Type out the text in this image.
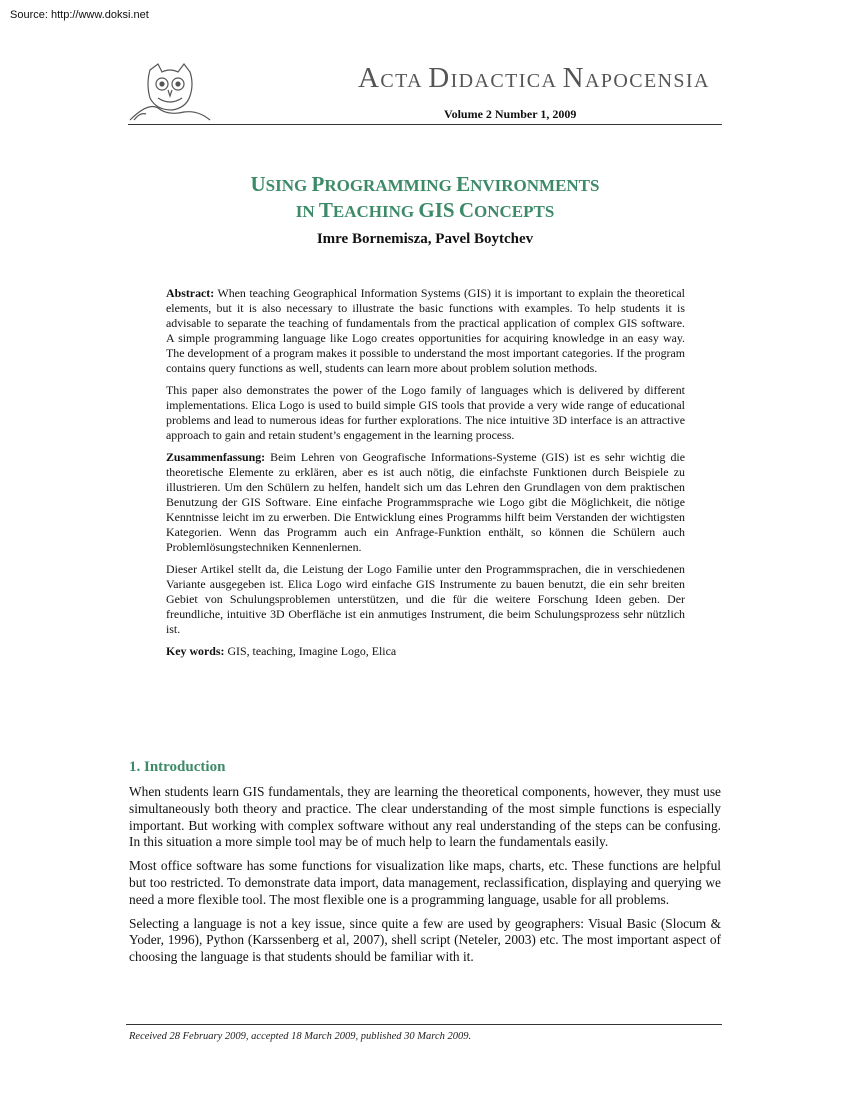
Source: http://www.doksi.net
ACTA DIDACTICA NAPOCENSIA
Volume 2 Number 1, 2009
USING PROGRAMMING ENVIRONMENTS
IN TEACHING GIS CONCEPTS
Imre Bornemisza, Pavel Boytchev

Abstract: When teaching Geographical Information Systems (GIS) it is important to explain the theoretical elements, but it is also necessary to illustrate the basic functions with examples. To help students it is advisable to separate the teaching of fundamentals from the practical application of complex GIS software. A simple programming language like Logo creates opportunities for acquiring knowledge in an easy way. The development of a program makes it possible to understand the most important categories. If the program contains query functions as well, students can learn more about problem solution methods.

This paper also demonstrates the power of the Logo family of languages which is delivered by different implementations. Elica Logo is used to build simple GIS tools that provide a very wide range of educational problems and lead to numerous ideas for further explorations. The nice intuitive 3D interface is an attractive approach to gain and retain student’s engagement in the learning process.

Zusammenfassung: Beim Lehren von Geografische Informations-Systeme (GIS) ist es sehr wichtig die theoretische Elemente zu erklären, aber es ist auch nötig, die einfachste Funktionen durch Beispiele zu illustrieren. Um den Schülern zu helfen, handelt sich um das Lehren den Grundlagen von dem praktischen Benutzung der GIS Software. Eine einfache Programmsprache wie Logo gibt die Möglichkeit, die nötige Kenntnisse leicht im zu erwerben. Die Entwicklung eines Programms hilft beim Verstanden der wichtigsten Kategorien. Wenn das Programm auch ein Anfrage-Funktion enthält, so können die Schülern auch Problemlösungstechniken Kennenlernen.

Dieser Artikel stellt da, die Leistung der Logo Familie unter den Programmsprachen, die in verschiedenen Variante ausgegeben ist. Elica Logo wird einfache GIS Instrumente zu bauen benutzt, die ein sehr breiten Gebiet von Schulungsproblemen unterstützen, und die für die weitere Forschung Ideen geben. Der freundliche, intuitive 3D Oberfläche ist ein anmutiges Instrument, die beim Schulungsprozess sehr nützlich ist.

Key words: GIS, teaching, Imagine Logo, Elica

1. Introduction

When students learn GIS fundamentals, they are learning the theoretical components, however, they must use simultaneously both theory and practice. The clear understanding of the most simple functions is especially important. But working with complex software without any real understanding of the steps can be confusing. In this situation a more simple tool may be of much help to learn the fundamentals easily.

Most office software has some functions for visualization like maps, charts, etc. These functions are helpful but too restricted. To demonstrate data import, data management, reclassification, displaying and querying we need a more flexible tool. The most flexible one is a programming language, usable for all problems.

Selecting a language is not a key issue, since quite a few are used by geographers: Visual Basic (Slocum & Yoder, 1996), Python (Karssenberg et al, 2007), shell script (Neteler, 2003) etc. The most important aspect of choosing the language is that students should be familiar with it.

Received 28 February 2009, accepted 18 March 2009, published 30 March 2009.
